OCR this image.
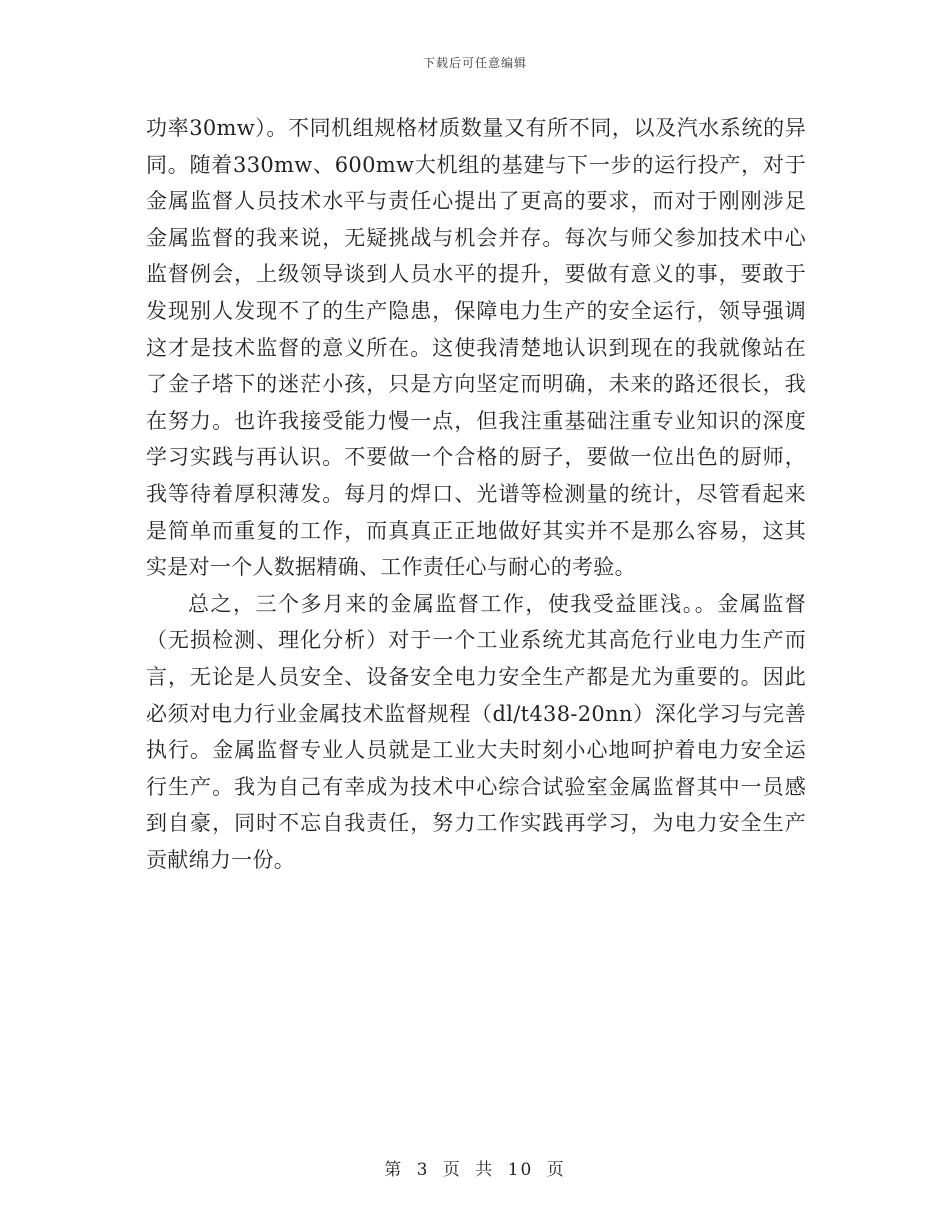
下载后可任意编辑

功率30mw）。不同机组规格材质数量又有所不同，以及汽水系统的异同。随着330mw、600mw大机组的基建与下一步的运行投产，对于金属监督人员技术水平与责任心提出了更高的要求，而对于刚刚涉足金属监督的我来说，无疑挑战与机会并存。每次与师父参加技术中心监督例会，上级领导谈到人员水平的提升，要做有意义的事，要敢于发现别人发现不了的生产隐患，保障电力生产的安全运行，领导强调这才是技术监督的意义所在。这使我清楚地认识到现在的我就像站在了金子塔下的迷茫小孩，只是方向坚定而明确，未来的路还很长，我在努力。也许我接受能力慢一点，但我注重基础注重专业知识的深度学习实践与再认识。不要做一个合格的厨子，要做一位出色的厨师，我等待着厚积薄发。每月的焊口、光谱等检测量的统计，尽管看起来是简单而重复的工作，而真真正正地做好其实并不是那么容易，这其实是对一个人数据精确、工作责任心与耐心的考验。

总之，三个多月来的金属监督工作，使我受益匪浅。。金属监督（无损检测、理化分析）对于一个工业系统尤其高危行业电力生产而言，无论是人员安全、设备安全电力安全生产都是尤为重要的。因此必须对电力行业金属技术监督规程（dl/t438-20nn）深化学习与完善执行。金属监督专业人员就是工业大夫时刻小心地呵护着电力安全运行生产。我为自己有幸成为技术中心综合试验室金属监督其中一员感到自豪，同时不忘自我责任，努力工作实践再学习，为电力安全生产贡献绵力一份。

第 3 页 共 10 页
